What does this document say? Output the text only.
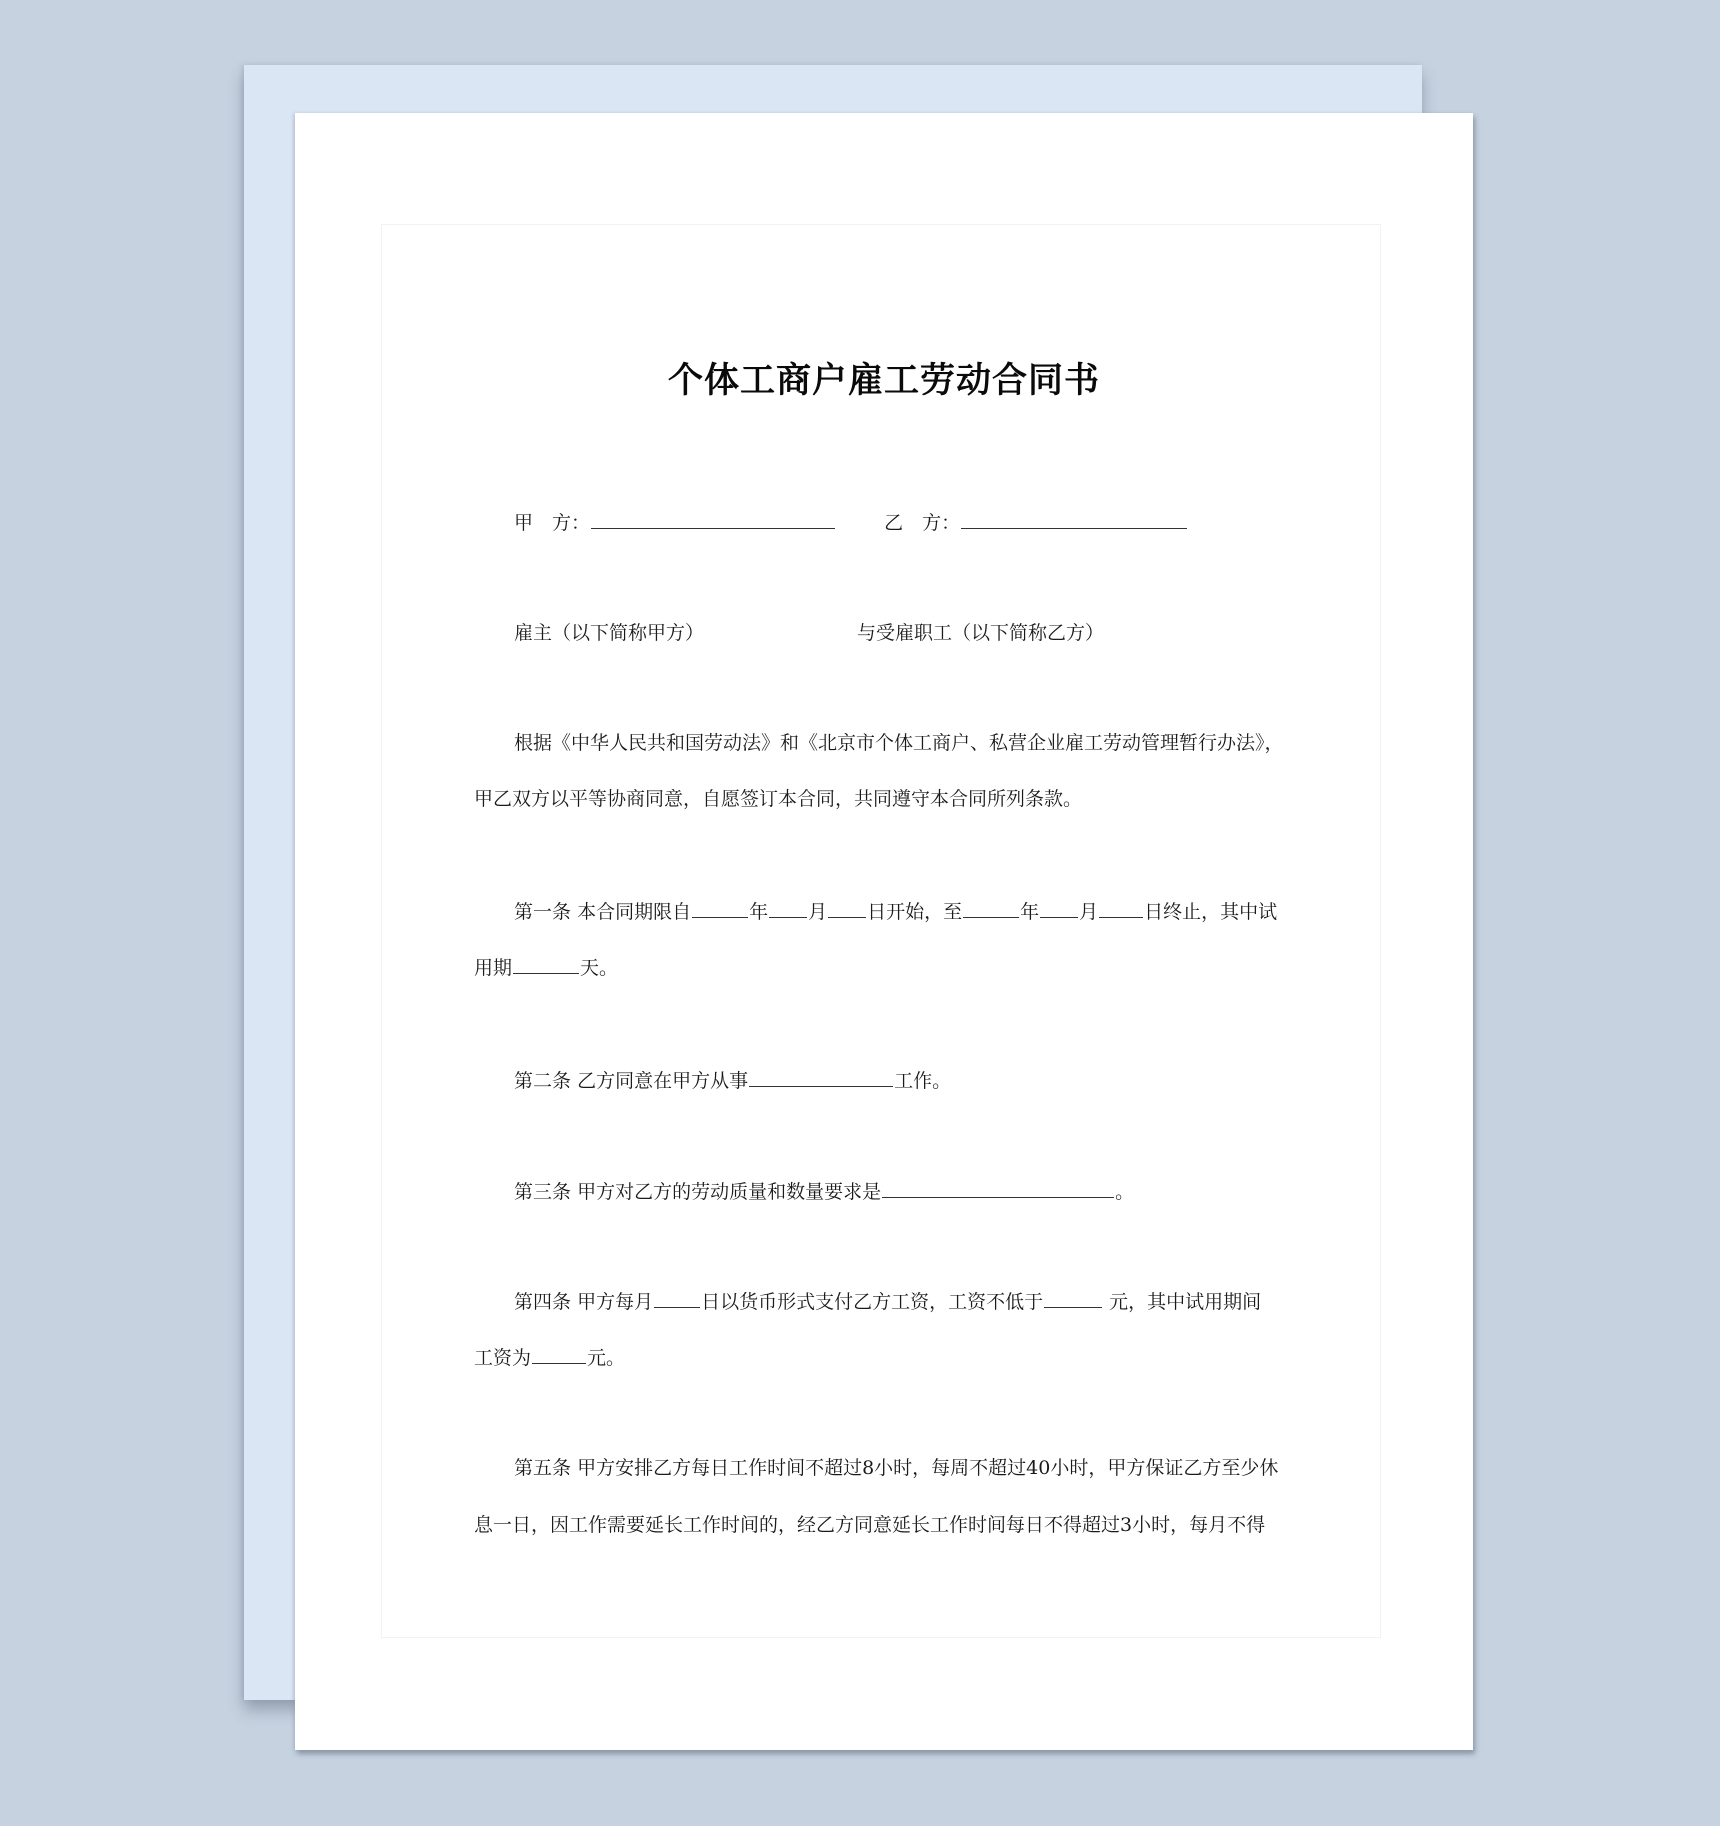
个体工商户雇工劳动合同书
甲　方：	乙　方：
雇主（以下简称甲方）	与受雇职工（以下简称乙方）
根据《中华人民共和国劳动法》和《北京市个体工商户、私营企业雇工劳动管理暂行办法》，
甲乙双方以平等协商同意，自愿签订本合同，共同遵守本合同所列条款。
第一条 本合同期限自	年 月 日开始，至	年 月 日终止，其中试
用期	天。
第二条 乙方同意在甲方从事	工作。
第三条 甲方对乙方的劳动质量和数量要求是	。
第四条 甲方每月	日以货币形式支付乙方工资，工资不低于	元，其中试用期间
工资为	元。
第五条 甲方安排乙方每日工作时间不超过8小时，每周不超过40小时，甲方保证乙方至少休
息一日，因工作需要延长工作时间的，经乙方同意延长工作时间每日不得超过3小时，每月不得
